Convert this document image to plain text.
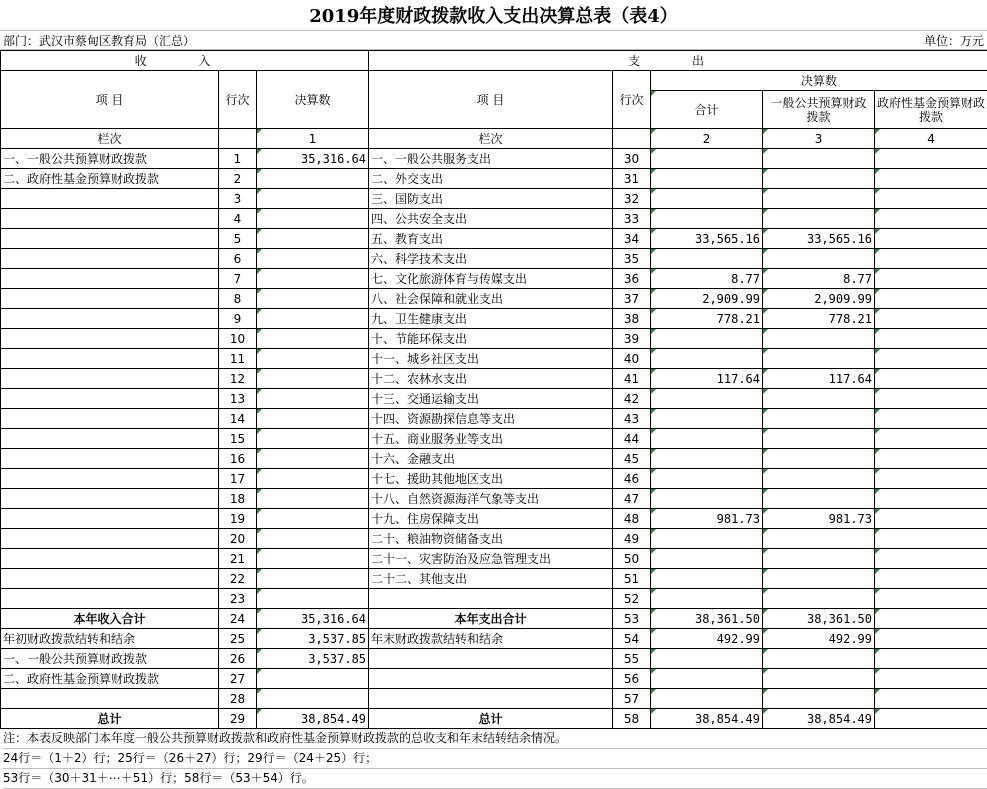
2019年度财政拨款收入支出决算总表（表4）
部门：武汉市蔡甸区教育局（汇总）	单位：万元
收 入			支 出				
项 目	行次	决算数	项 目	行次	决算数		
					合计	一般公共预算财政拨款	政府性基金预算财政拨款
栏次		1	栏次		2	3	4
一、一般公共预算财政拨款	1	35,316.64	一、一般公共服务支出	30			
二、政府性基金预算财政拨款	2		二、外交支出	31			
	3		三、国防支出	32			
	4		四、公共安全支出	33			
	5		五、教育支出	34	33,565.16	33,565.16	
	6		六、科学技术支出	35			
	7		七、文化旅游体育与传媒支出	36	8.77	8.77	
	8		八、社会保障和就业支出	37	2,909.99	2,909.99	
	9		九、卫生健康支出	38	778.21	778.21	
	10		十、节能环保支出	39			
	11		十一、城乡社区支出	40			
	12		十二、农林水支出	41	117.64	117.64	
	13		十三、交通运输支出	42			
	14		十四、资源勘探信息等支出	43			
	15		十五、商业服务业等支出	44			
	16		十六、金融支出	45			
	17		十七、援助其他地区支出	46			
	18		十八、自然资源海洋气象等支出	47			
	19		十九、住房保障支出	48	981.73	981.73	
	20		二十、粮油物资储备支出	49			
	21		二十一、灾害防治及应急管理支出	50			
	22		二十二、其他支出	51			
	23			52			
本年收入合计	24	35,316.64	本年支出合计	53	38,361.50	38,361.50	
年初财政拨款结转和结余	25	3,537.85	年末财政拨款结转和结余	54	492.99	492.99	
一、一般公共预算财政拨款	26	3,537.85		55			
二、政府性基金预算财政拨款	27			56			
	28			57			
总计	29	38,854.49	总计	58	38,854.49	38,854.49	
注：本表反映部门本年度一般公共预算财政拨款和政府性基金预算财政拨款的总收支和年末结转结余情况。
24行＝（1＋2）行；25行＝（26＋27）行；29行＝（24＋25）行；
53行＝（30＋31＋⋯＋51）行；58行＝（53＋54）行。
